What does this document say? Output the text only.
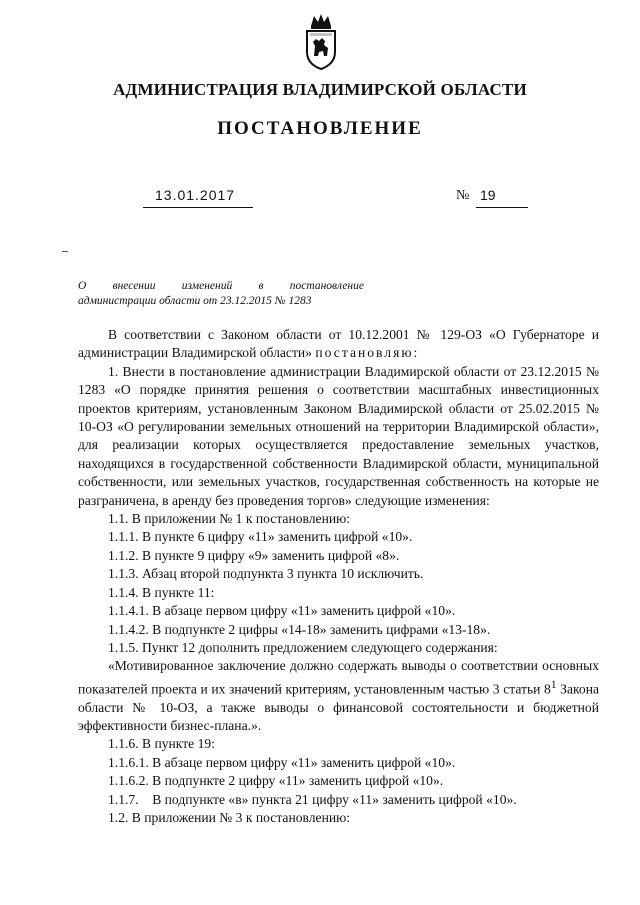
АДМИНИСТРАЦИЯ ВЛАДИМИРСКОЙ ОБЛАСТИ
ПОСТАНОВЛЕНИЕ
13.01.2017	№ 19
О внесении изменений в постановление
администрации области от 23.12.2015 № 1283

В соответствии с Законом области от 10.12.2001 № 129-ОЗ «О Губернаторе и администрации Владимирской области» постановляю:

1. Внести в постановление администрации Владимирской области от 23.12.2015 № 1283 «О порядке принятия решения о соответствии масштабных инвестиционных проектов критериям, установленным Законом Владимирской области от 25.02.2015 № 10-ОЗ «О регулировании земельных отношений на территории Владимирской области», для реализации которых осуществляется предоставление земельных участков, находящихся в государственной собственности Владимирской области, муниципальной собственности, или земельных участков, государственная собственность на которые не разграничена, в аренду без проведения торгов» следующие изменения:

1.1. В приложении № 1 к постановлению:

1.1.1. В пункте 6 цифру «11» заменить цифрой «10».

1.1.2. В пункте 9 цифру «9» заменить цифрой «8».

1.1.3. Абзац второй подпункта 3 пункта 10 исключить.

1.1.4. В пункте 11:

1.1.4.1. В абзаце первом цифру «11» заменить цифрой «10».

1.1.4.2. В подпункте 2 цифры «14-18» заменить цифрами «13-18».

1.1.5. Пункт 12 дополнить предложением следующего содержания:

«Мотивированное заключение должно содержать выводы о соответствии основных показателей проекта и их значений критериям, установленным частью 3 статьи $8^1$ Закона области № 10-ОЗ, а также выводы о финансовой состоятельности и бюджетной эффективности бизнес-плана.».

1.1.6. В пункте 19:

1.1.6.1. В абзаце первом цифру «11» заменить цифрой «10».

1.1.6.2. В подпункте 2 цифру «11» заменить цифрой «10».

1.1.7. В подпункте «в» пункта 21 цифру «11» заменить цифрой «10».

1.2. В приложении № 3 к постановлению:
